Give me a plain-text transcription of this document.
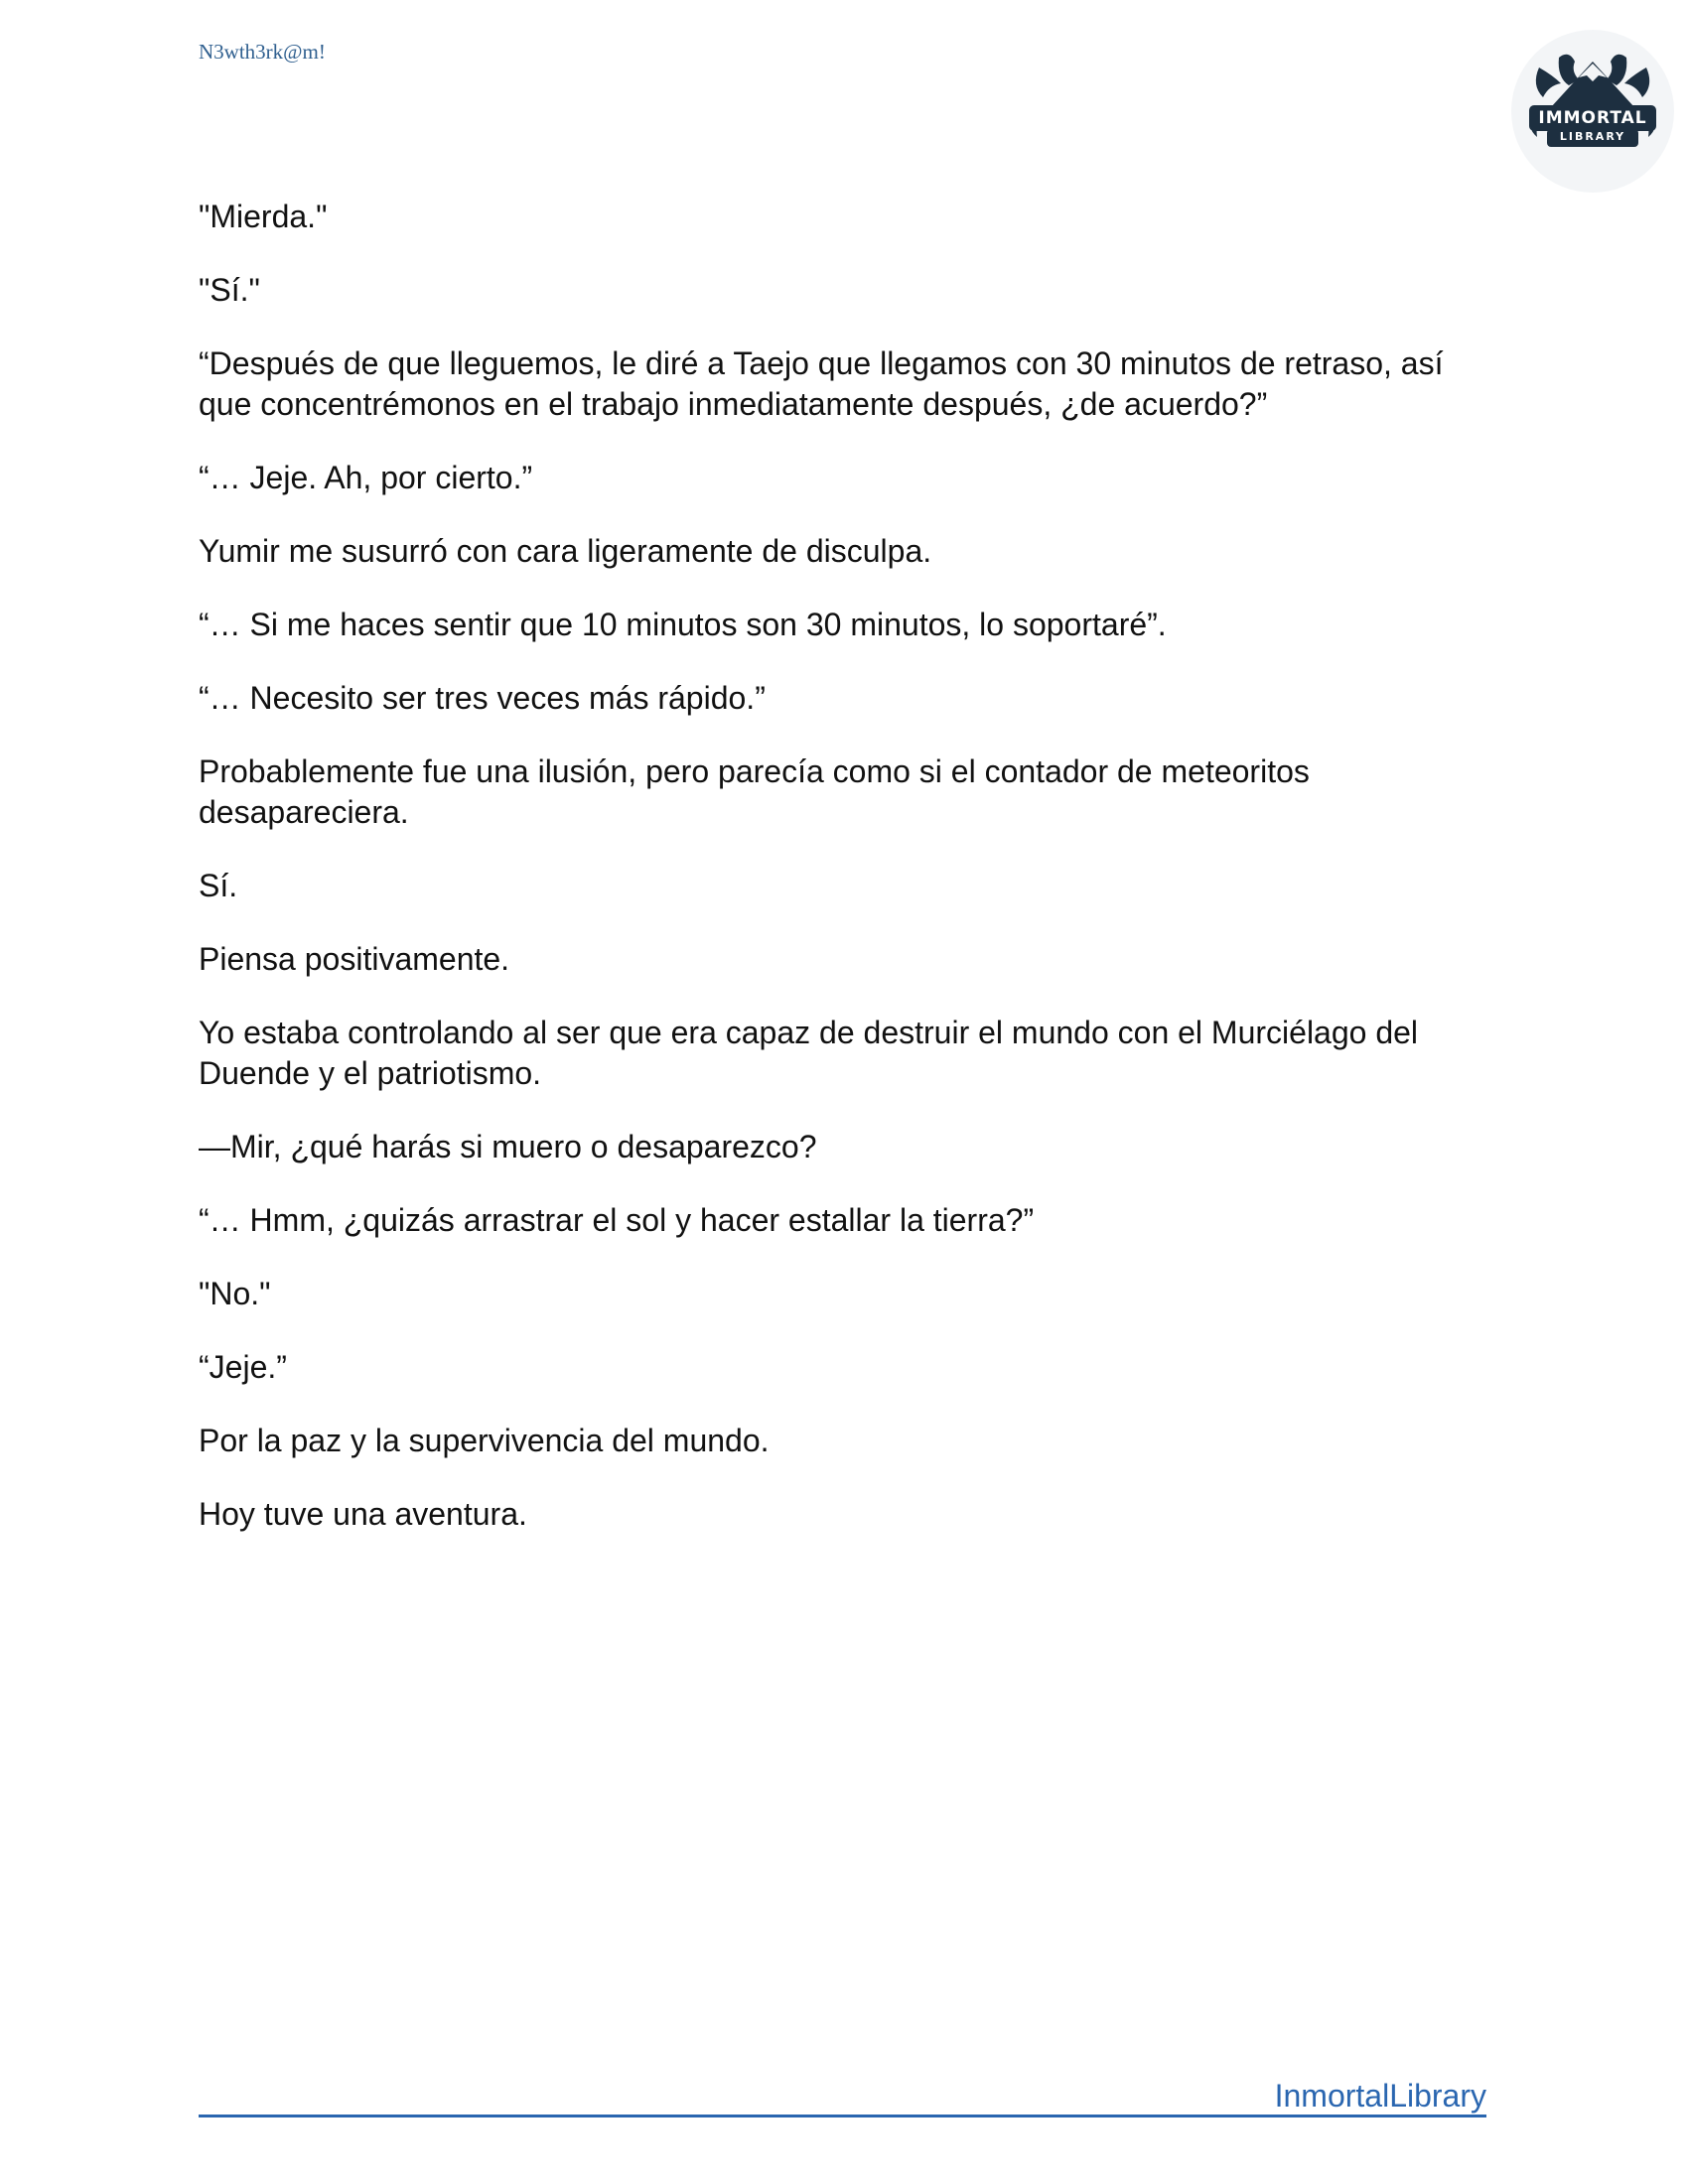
N3wth3rk@m!
IMMORTAL
LIBRARY

"Mierda."

"Sí."

“Después de que lleguemos, le diré a Taejo que llegamos con 30 minutos de retraso, así que concentrémonos en el trabajo inmediatamente después, ¿de acuerdo?”

“… Jeje. Ah, por cierto.”

Yumir me susurró con cara ligeramente de disculpa.

“… Si me haces sentir que 10 minutos son 30 minutos, lo soportaré”.

“… Necesito ser tres veces más rápido.”

Probablemente fue una ilusión, pero parecía como si el contador de meteoritos desapareciera.

Sí.

Piensa positivamente.

Yo estaba controlando al ser que era capaz de destruir el mundo con el Murciélago del Duende y el patriotismo.

—Mir, ¿qué harás si muero o desaparezco?

“… Hmm, ¿quizás arrastrar el sol y hacer estallar la tierra?”

"No."

“Jeje.”

Por la paz y la supervivencia del mundo.

Hoy tuve una aventura.

InmortalLibrary
